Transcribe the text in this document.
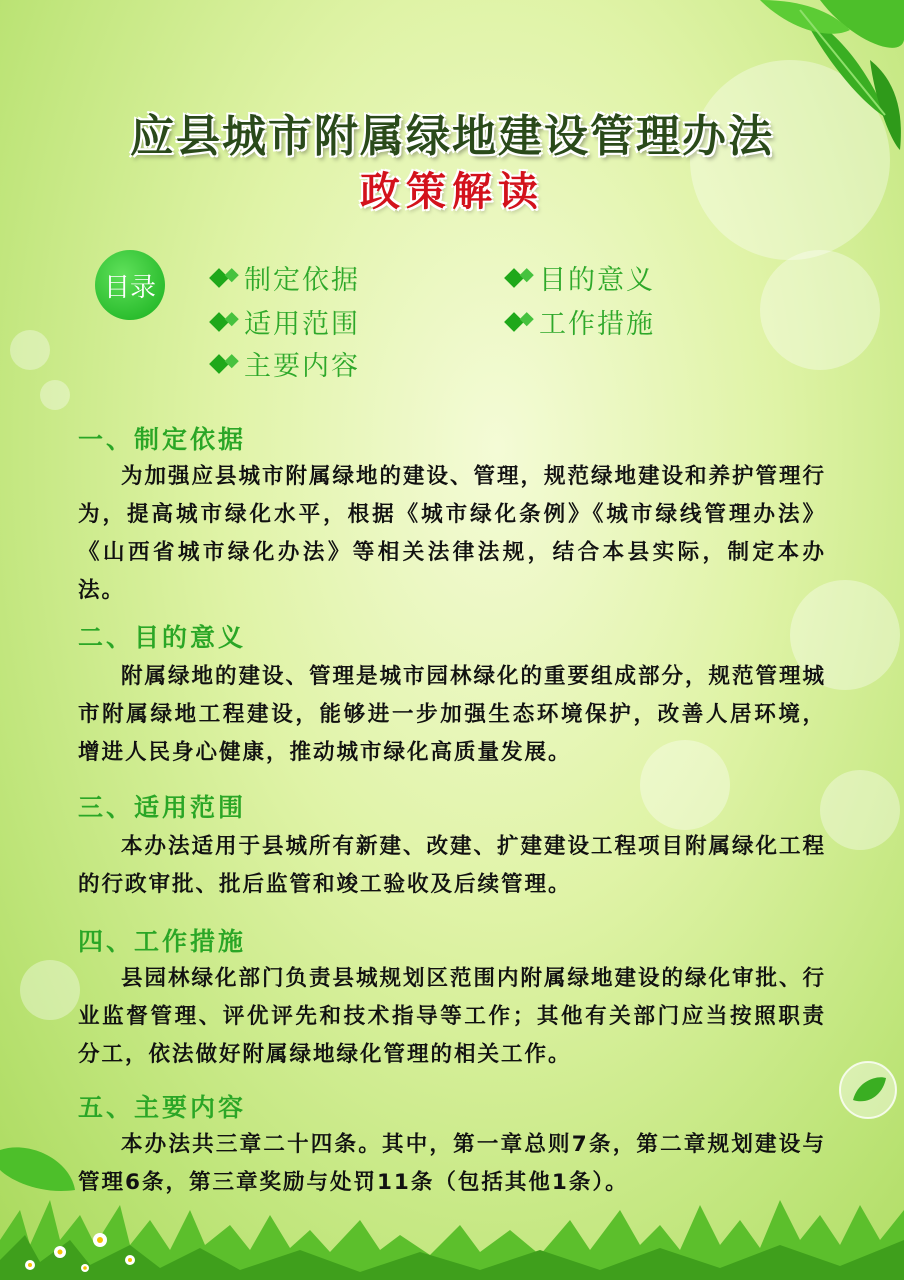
应县城市附属绿地建设管理办法
政策解读
目录	制定依据	目的意义
适用范围	工作措施
主要内容
一、制定依据
为加强应县城市附属绿地的建设、管理，规范绿地建设和养护管理行为，提高城市绿化水平，根据《城市绿化条例》《城市绿线管理办法》《山西省城市绿化办法》等相关法律法规，结合本县实际，制定本办法。
二、目的意义
附属绿地的建设、管理是城市园林绿化的重要组成部分，规范管理城市附属绿地工程建设，能够进一步加强生态环境保护，改善人居环境，增进人民身心健康，推动城市绿化高质量发展。
三、适用范围
本办法适用于县城所有新建、改建、扩建建设工程项目附属绿化工程的行政审批、批后监管和竣工验收及后续管理。
四、工作措施
县园林绿化部门负责县城规划区范围内附属绿地建设的绿化审批、行业监督管理、评优评先和技术指导等工作；其他有关部门应当按照职责分工，依法做好附属绿地绿化管理的相关工作。
五、主要内容
本办法共三章二十四条。其中，第一章总则7条，第二章规划建设与管理6条，第三章奖励与处罚11条（包括其他1条）。
